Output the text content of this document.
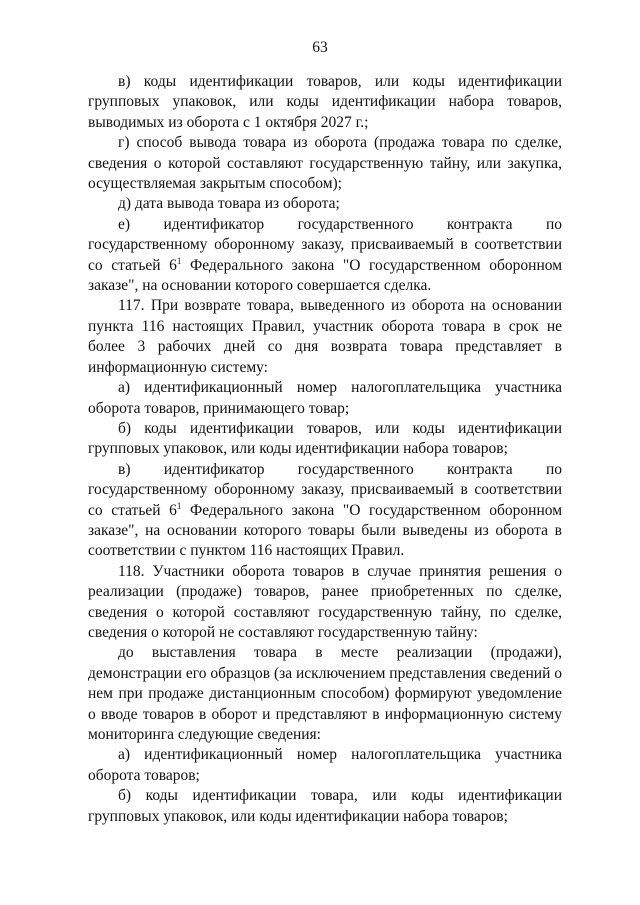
63

в) коды идентификации товаров, или коды идентификации групповых упаковок, или коды идентификации набора товаров, выводимых из оборота с 1 октября 2027 г.;

г) способ вывода товара из оборота (продажа товара по сделке, сведения о которой составляют государственную тайну, или закупка, осуществляемая закрытым способом);

д) дата вывода товара из оборота;

е) идентификатор государственного контракта по государственному оборонному заказу, присваиваемый в соответствии со статьей $6^1$ Федерального закона "О государственном оборонном заказе", на основании которого совершается сделка.

117. При возврате товара, выведенного из оборота на основании пункта 116 настоящих Правил, участник оборота товара в срок не более 3 рабочих дней со дня возврата товара представляет в информационную систему:

а) идентификационный номер налогоплательщика участника оборота товаров, принимающего товар;

б) коды идентификации товаров, или коды идентификации групповых упаковок, или коды идентификации набора товаров;

в) идентификатор государственного контракта по государственному оборонному заказу, присваиваемый в соответствии со статьей $6^1$ Федерального закона "О государственном оборонном заказе", на основании которого товары были выведены из оборота в соответствии с пунктом 116 настоящих Правил.

118. Участники оборота товаров в случае принятия решения о реализации (продаже) товаров, ранее приобретенных по сделке, сведения о которой составляют государственную тайну, по сделке, сведения о которой не составляют государственную тайну:

до выставления товара в месте реализации (продажи), демонстрации его образцов (за исключением представления сведений о нем при продаже дистанционным способом) формируют уведомление о вводе товаров в оборот и представляют в информационную систему мониторинга следующие сведения:

а) идентификационный номер налогоплательщика участника оборота товаров;

б) коды идентификации товара, или коды идентификации групповых упаковок, или коды идентификации набора товаров;
